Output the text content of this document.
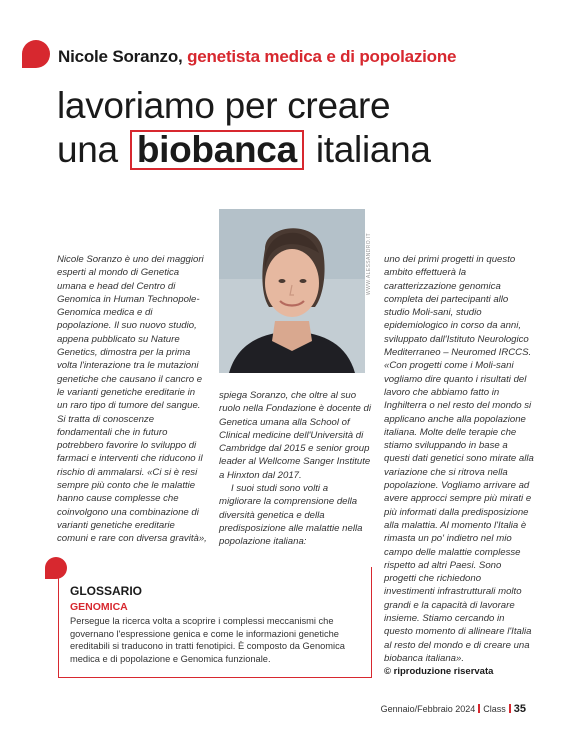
Nicole Soranzo, genetista medica e di popolazione
lavoriamo per creare
una biobanca italiana
WWW.ALESSANDRO.IT

Nicole Soranzo è uno dei maggiori esperti al mondo di Genetica umana e head del Centro di Genomica in Human Technopole-Genomica medica e di popolazione. Il suo nuovo studio, appena pubblicato su Nature Genetics, dimostra per la prima volta l'interazione tra le mutazioni genetiche che causano il cancro e le varianti genetiche ereditarie in un raro tipo di tumore del sangue. Si tratta di conoscenze fondamentali che in futuro potrebbero favorire lo sviluppo di farmaci e interventi che riducono il rischio di ammalarsi. «Ci si è resi sempre più conto che le malattie hanno cause complesse che coinvolgono una combinazione di varianti genetiche ereditarie comuni e rare con diversa gravità»,

spiega Soranzo, che oltre al suo ruolo nella Fondazione è docente di Genetica umana alla School of Clinical medicine dell'Università di Cambridge dal 2015 e senior group leader al Wellcome Sanger Institute a Hinxton dal 2017.

I suoi studi sono volti a migliorare la comprensione della diversità genetica e della predisposizione alle malattie nella popolazione italiana:

uno dei primi progetti in questo ambito effettuerà la caratterizzazione genomica completa dei partecipanti allo studio Moli-sani, studio epidemiologico in corso da anni, sviluppato dall'Istituto Neurologico Mediterraneo – Neuromed IRCCS. «Con progetti come i Moli-sani vogliamo dire quanto i risultati del lavoro che abbiamo fatto in Inghilterra o nel resto del mondo si applicano anche alla popolazione italiana. Molte delle terapie che stiamo sviluppando in base a questi dati genetici sono mirate alla variazione che si ritrova nella popolazione. Vogliamo arrivare ad avere approcci sempre più mirati e più informati dalla predisposizione alla malattia. Al momento l'Italia è rimasta un po' indietro nel mio campo delle malattie complesse rispetto ad altri Paesi. Sono progetti che richiedono investimenti infrastrutturali molto grandi e la capacità di lavorare insieme. Stiamo cercando in questo momento di allineare l'Italia al resto del mondo e di creare una biobanca italiana».

© riproduzione riservata

GLOSSARIO
GENOMICA
Persegue la ricerca volta a scoprire i complessi meccanismi che governano l'espressione genica e come le informazioni genetiche ereditabili si traducono in tratti fenotipici. È composto da Genomica medica e di popolazione e Genomica funzionale.
Gennaio/Febbraio 2024 Class 35
